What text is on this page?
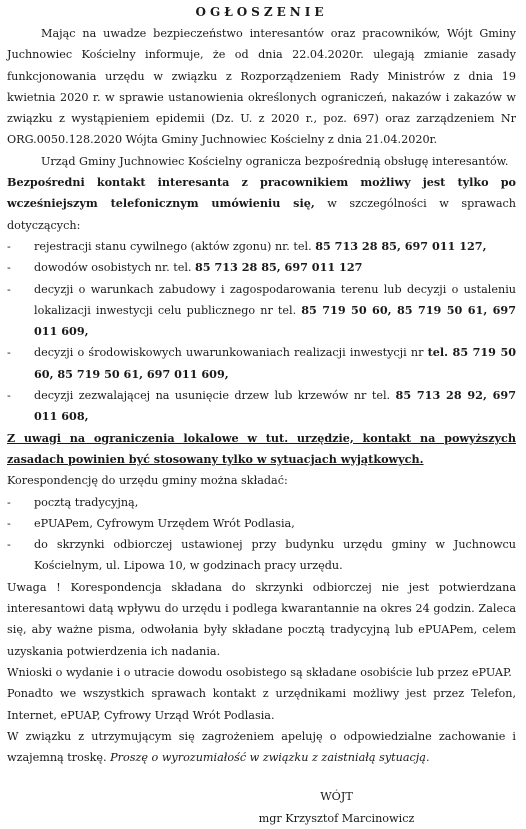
OGŁOSZENIE

Mając na uwadze bezpieczeństwo interesantów oraz pracowników, Wójt Gminy Juchnowiec Kościelny informuje, że od dnia 22.04.2020r. ulegają zmianie zasady funkcjonowania urzędu w związku z Rozporządzeniem Rady Ministrów z dnia 19 kwietnia 2020 r. w sprawie ustanowienia określonych ograniczeń, nakazów i zakazów w związku z wystąpieniem epidemii (Dz. U. z 2020 r., poz. 697) oraz zarządzeniem Nr ORG.0050.128.2020 Wójta Gminy Juchnowiec Kościelny z dnia 21.04.2020r.

Urząd Gminy Juchnowiec Kościelny ogranicza bezpośrednią obsługę interesantów.

Bezpośredni kontakt interesanta z pracownikiem możliwy jest tylko po wcześniejszym telefonicznym umówieniu się, w szczególności w sprawach dotyczących:

- rejestracji stanu cywilnego (aktów zgonu) nr. tel. 85 713 28 85, 697 011 127,
- dowodów osobistych nr. tel. 85 713 28 85, 697 011 127
- decyzji o warunkach zabudowy i zagospodarowania terenu lub decyzji o ustaleniu lokalizacji inwestycji celu publicznego nr tel. 85 719 50 60, 85 719 50 61, 697 011 609,
- decyzji o środowiskowych uwarunkowaniach realizacji inwestycji nr tel. 85 719 50 60, 85 719 50 61, 697 011 609,
- decyzji zezwalającej na usunięcie drzew lub krzewów nr tel. 85 713 28 92, 697 011 608,

Z uwagi na ograniczenia lokalowe w tut. urzędzie, kontakt na powyższych zasadach powinien być stosowany tylko w sytuacjach wyjątkowych.

Korespondencję do urzędu gminy można składać:

- pocztą tradycyjną,
- ePUAPem, Cyfrowym Urzędem Wrót Podlasia,
- do skrzynki odbiorczej ustawionej przy budynku urzędu gminy w Juchnowcu Kościelnym, ul. Lipowa 10, w godzinach pracy urzędu.

Uwaga ! Korespondencja składana do skrzynki odbiorczej nie jest potwierdzana interesantowi datą wpływu do urzędu i podlega kwarantannie na okres 24 godzin. Zaleca się, aby ważne pisma, odwołania były składane pocztą tradycyjną lub ePUAPem, celem uzyskania potwierdzenia ich nadania.

Wnioski o wydanie i o utracie dowodu osobistego są składane osobiście lub przez ePUAP.

Ponadto we wszystkich sprawach kontakt z urzędnikami możliwy jest przez Telefon, Internet, ePUAP, Cyfrowy Urząd Wrót Podlasia.

W związku z utrzymującym się zagrożeniem apeluję o odpowiedzialne zachowanie i wzajemną troskę. Proszę o wyrozumiałość w związku z zaistniałą sytuacją.

WÓJT
mgr Krzysztof Marcinowicz
